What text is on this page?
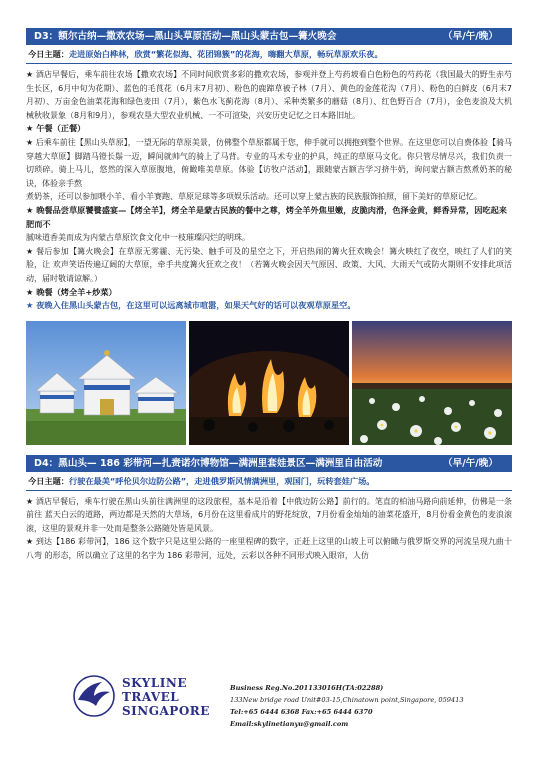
D3：额尔古纳—撒欢农场—黑山头草原活动—黑山头蒙古包—篝火晚会	（早/午/晚）
今日主题：走进原始白桦林，欣赏“繁花似海、花团锦簇”的花海，嗨翻大草原，畅玩草原欢乐夜。

★ 酒店早餐后，乘车前往农场【撒欢农场】不同时间欣赏多彩的撒欢农场，参观并登上芍药坡看白色粉色的芍药花（我国最大的野生赤芍生长区，6月中旬为花期）、蓝色的毛茛花（6月末7月初）、粉色的鹿蹄草被子林（7月）、黄色的金莲花沟（7月）、粉色的白鲜皮（6月末7月初）、万亩金色油菜花海和绿色麦田（7月），紫色水飞蓟花海（8月）、采种类繁多的蘑菇（8月）、红色野百合（7月），金色麦浪及大机械秋收景象（8月和9月），参观农垦大型农业机械、一不可渲染，兴安历史记忆之日本路旧址。

★ 午餐（正餐）

★ 后乘车前往【黑山头草原】，一望无际的草原美景，仿佛整个草原都属于您，伸手就可以拥抱到整个世界。在这里您可以自费体验【骑马 穿越大草原】脚踏马镫长鬃一迈，瞬间就帅气的骑上了马背。专业的马术专业的护具，纯正的草原马文化。你只管尽情尽兴，我们负责一切琐碎。骑上马儿，悠然的深入草原腹地，俯瞰唯美草原。体验【访牧户活动】，跟随蒙古额吉学习挤牛奶，询问蒙古额吉熬煮奶茶的秘诀，体验亲手熬

煮奶茶，还可以参加喂小羊、看小羊赛跑、草原足球等多项娱乐活动。还可以穿上蒙古族的民族服饰拍照，留下美好的草原记忆。

★ 晚餐品尝草原饕餮盛宴—【烤全羊】，烤全羊是蒙古民族的餐中之尊，烤全羊外焦里嫩，皮脆肉滑，色泽金黄，鲜香异常，因吃起来肥而不

腻味道香美而成为内蒙古草原饮食文化中一枝璀璨闪烂的明珠。

★ 餐后参加【篝火晚会】在草原无雾霾、无污染、触手可及的星空之下，开启热闹的篝火狂欢晚会！篝火映红了夜空，映红了人们的笑脸，让 欢声笑语传遍辽阔的大草原，牵手共度篝火狂欢之夜！（若篝火晚会因天气原因、政策、大风、大雨天气或防火期则不安排此项活动，届时敬请谅解。）

★ 晚餐（烤全羊+炒菜）

★ 夜晚入住黑山头蒙古包，在这里可以远离城市喧嚣，如果天气好的话可以夜观草原星空。

D4：黑山头— 186 彩带河—扎赉诺尔博物馆—满洲里套娃景区—满洲里自由活动	（早/午/晚）
今日主题：行驶在最美“呼伦贝尔边防公路”，走进俄罗斯风情满洲里，观国门，玩转套娃广场。

★ 酒店早餐后，乘车行驶在黑山头前往满洲里的这段旅程，基本是沿着【中俄边防公路】前行的。笔直的柏油马路向前延伸，仿佛是一条前往 蓝天白云的道路，两边都是天然的大草场，6月份在这里看成片的野花绽放，7月份看金灿灿的油菜花盛开，8月份看金黄色的麦浪滚滚，这里的景观并非一处而是整条公路随处皆是风景。

★ 到达【186 彩带河】，186 这个数字只是这里公路的一座里程碑的数字，正赶上这里的山坡上可以俯瞰与俄罗斯交界的河流呈现九曲十八弯 的形态，所以确立了这里的名字为 186 彩带河，远处，云彩以各种不同形式映入眼帘，人仿

SKYLINE
TRAVEL
SINGAPORE
Business Reg.No.201133016H(TA:02288)
133New bridge road Unit#03-15,Chinatown point,Singapore, 059413
Tel:+65 6444 6368 Fax:+65 6444 6370
Email:skylinetianyu@gmail.com
